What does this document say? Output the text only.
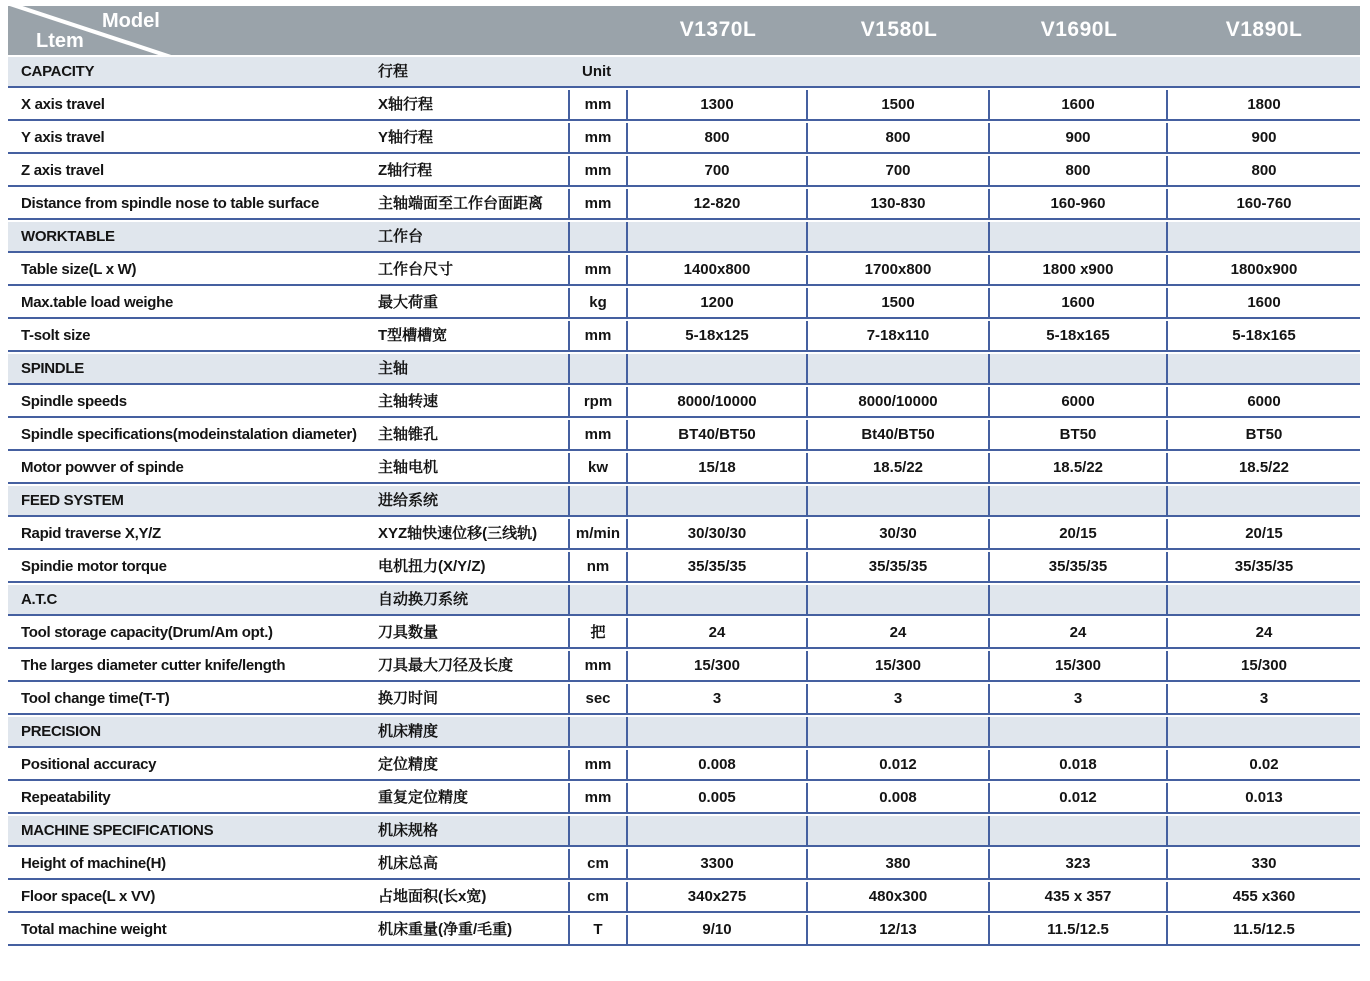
Model
Ltem			V1370L	V1580L	V1690L	V1890L
CAPACITY	行程	Unit				
X axis travel	X轴行程	mm	1300	1500	1600	1800
Y axis travel	Y轴行程	mm	800	800	900	900
Z axis travel	Z轴行程	mm	700	700	800	800
Distance from spindle nose to table surface	主轴端面至工作台面距离	mm	12-820	130-830	160-960	160-760
WORKTABLE	工作台					
Table size(L x W)	工作台尺寸	mm	1400x800	1700x800	1800 x900	1800x900
Max.table load weighe	最大荷重	kg	1200	1500	1600	1600
T-solt size	T型槽槽宽	mm	5-18x125	7-18x110	5-18x165	5-18x165
SPINDLE	主轴					
Spindle speeds	主轴转速	rpm	8000/10000	8000/10000	6000	6000
Spindle specifications(modeinstalation diameter)	主轴锥孔	mm	BT40/BT50	Bt40/BT50	BT50	BT50
Motor powver of spinde	主轴电机	kw	15/18	18.5/22	18.5/22	18.5/22
FEED SYSTEM	进给系统					
Rapid traverse X,Y/Z	XYZ轴快速位移(三线轨)	m/min	30/30/30	30/30	20/15	20/15
Spindie motor torque	电机扭力(X/Y/Z)	nm	35/35/35	35/35/35	35/35/35	35/35/35
A.T.C	自动换刀系统					
Tool storage capacity(Drum/Am opt.)	刀具数量	把	24	24	24	24
The larges diameter cutter knife/length	刀具最大刀径及长度	mm	15/300	15/300	15/300	15/300
Tool change time(T-T)	换刀时间	sec	3	3	3	3
PRECISION	机床精度					
Positional accuracy	定位精度	mm	0.008	0.012	0.018	0.02
Repeatability	重复定位精度	mm	0.005	0.008	0.012	0.013
MACHINE SPECIFICATIONS	机床规格					
Height of machine(H)	机床总高	cm	3300	380	323	330
Floor space(L x VV)	占地面积(长x宽)	cm	340x275	480x300	435 x 357	455 x360
Total machine weight	机床重量(净重/毛重)	T	9/10	12/13	11.5/12.5	11.5/12.5
